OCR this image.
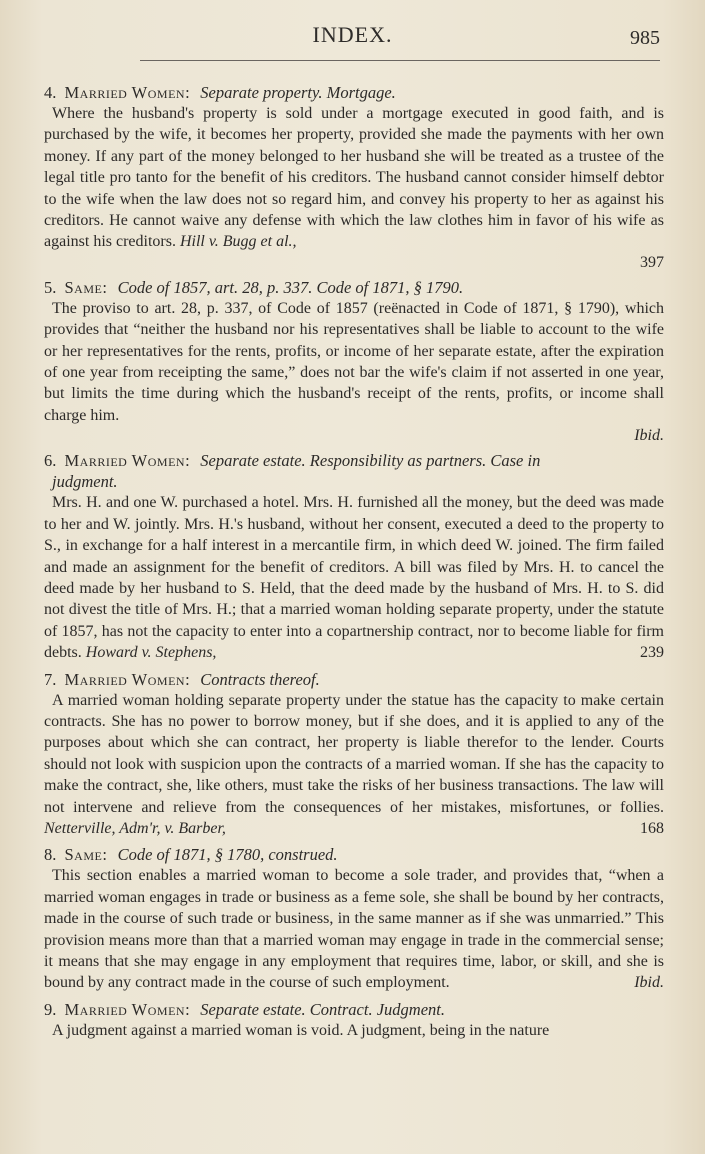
INDEX.	985

4. Married Women: Separate property. Mortgage.

Where the husband's property is sold under a mortgage executed in good faith, and is purchased by the wife, it becomes her property, provided she made the payments with her own money. If any part of the money belonged to her husband she will be treated as a trustee of the legal title pro tanto for the benefit of his creditors. The husband cannot consider himself debtor to the wife when the law does not so regard him, and convey his property to her as against his creditors. He cannot waive any defense with which the law clothes him in favor of his wife as against his creditors. Hill v. Bugg et al.,

397

5. Same: Code of 1857, art. 28, p. 337. Code of 1871, § 1790.

The proviso to art. 28, p. 337, of Code of 1857 (reënacted in Code of 1871, § 1790), which provides that “neither the husband nor his representatives shall be liable to account to the wife or her representatives for the rents, profits, or income of her separate estate, after the expiration of one year from receipting the same,” does not bar the wife's claim if not asserted in one year, but limits the time during which the husband's receipt of the rents, profits, or income shall charge him.

Ibid.

6. Married Women: Separate estate. Responsibility as partners. Case in
judgment.

Mrs. H. and one W. purchased a hotel. Mrs. H. furnished all the money, but the deed was made to her and W. jointly. Mrs. H.'s husband, without her consent, executed a deed to the property to S., in exchange for a half interest in a mercantile firm, in which deed W. joined. The firm failed and made an assignment for the benefit of creditors. A bill was filed by Mrs. H. to cancel the deed made by her husband to S. Held, that the deed made by the husband of Mrs. H. to S. did not divest the title of Mrs. H.; that a married woman holding separate property, under the statute of 1857, has not the capacity to enter into a copartnership contract, nor to become liable for firm debts. Howard v. Stephens,	239

7. Married Women: Contracts thereof.

A married woman holding separate property under the statue has the capacity to make certain contracts. She has no power to borrow money, but if she does, and it is applied to any of the purposes about which she can contract, her property is liable therefor to the lender. Courts should not look with suspicion upon the contracts of a married woman. If she has the capacity to make the contract, she, like others, must take the risks of her business transactions. The law will not intervene and relieve from the consequences of her mistakes, misfortunes, or follies. Netterville, Adm'r, v. Barber,	168

8. Same: Code of 1871, § 1780, construed.

This section enables a married woman to become a sole trader, and provides that, “when a married woman engages in trade or business as a feme sole, she shall be bound by her contracts, made in the course of such trade or business, in the same manner as if she was unmarried.” This provision means more than that a married woman may engage in trade in the commercial sense; it means that she may engage in any employment that requires time, labor, or skill, and she is bound by any contract made in the course of such employment.	Ibid.

9. Married Women: Separate estate. Contract. Judgment.

A judgment against a married woman is void. A judgment, being in the nature
